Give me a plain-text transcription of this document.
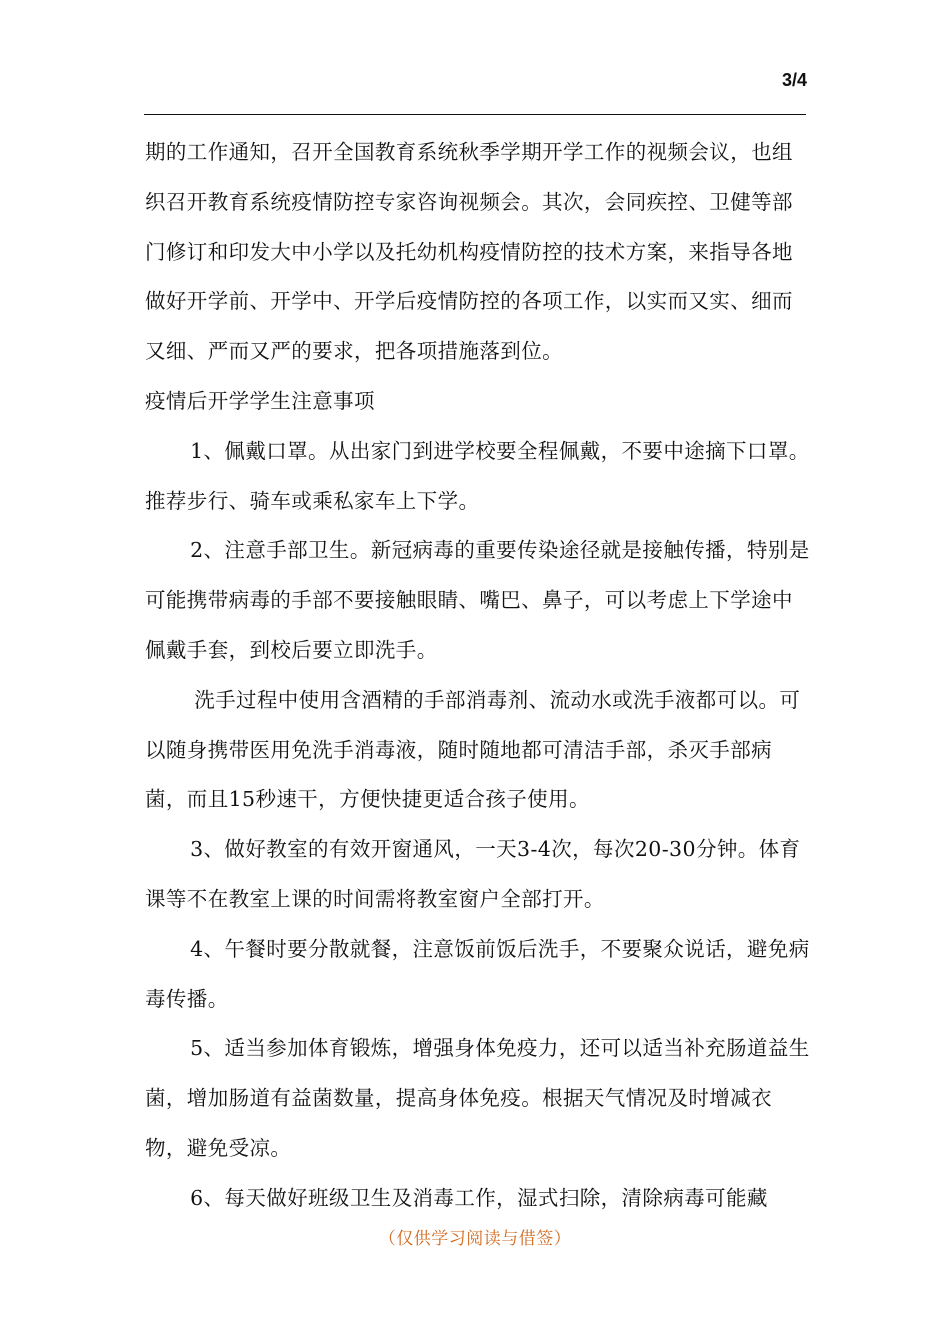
3/4

期的工作通知，召开全国教育系统秋季学期开学工作的视频会议，也组织召开教育系统疫情防控专家咨询视频会。其次，会同疾控、卫健等部门修订和印发大中小学以及托幼机构疫情防控的技术方案，来指导各地做好开学前、开学中、开学后疫情防控的各项工作，以实而又实、细而又细、严而又严的要求，把各项措施落到位。

疫情后开学学生注意事项

1、佩戴口罩。从出家门到进学校要全程佩戴，不要中途摘下口罩。推荐步行、骑车或乘私家车上下学。

2、注意手部卫生。新冠病毒的重要传染途径就是接触传播，特别是可能携带病毒的手部不要接触眼睛、嘴巴、鼻子，可以考虑上下学途中佩戴手套，到校后要立即洗手。

洗手过程中使用含酒精的手部消毒剂、流动水或洗手液都可以。可以随身携带医用免洗手消毒液，随时随地都可清洁手部，杀灭手部病菌，而且15秒速干，方便快捷更适合孩子使用。

3、做好教室的有效开窗通风，一天3-4次，每次20-30分钟。体育课等不在教室上课的时间需将教室窗户全部打开。

4、午餐时要分散就餐，注意饭前饭后洗手，不要聚众说话，避免病毒传播。

5、适当参加体育锻炼，增强身体免疫力，还可以适当补充肠道益生菌，增加肠道有益菌数量，提高身体免疫。根据天气情况及时增减衣物，避免受凉。

6、每天做好班级卫生及消毒工作，湿式扫除，清除病毒可能藏

（仅供学习阅读与借签）
